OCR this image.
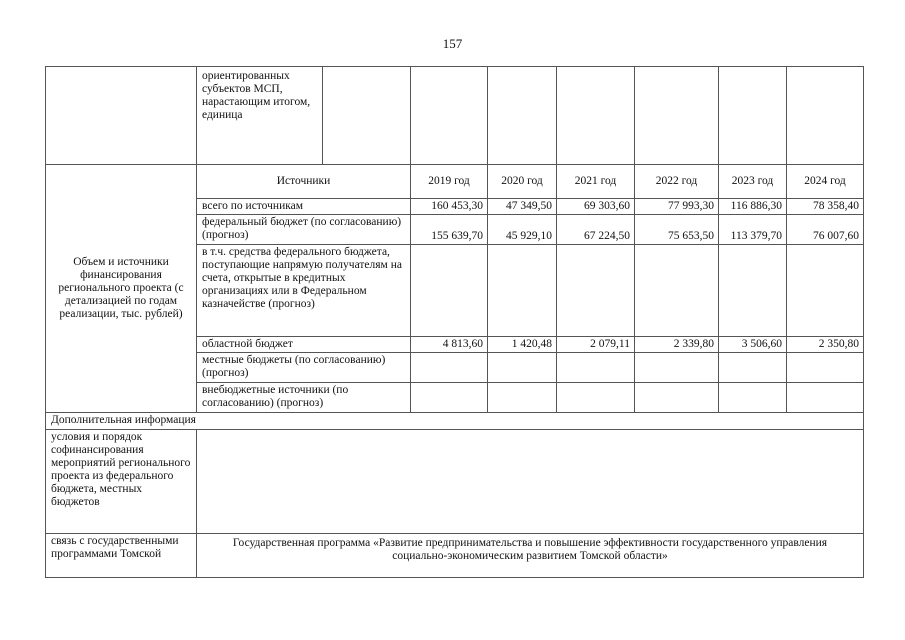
157
	ориентированных субъектов МСП, нарастающим итогом, единица							
Объем и источники финансирования регионального проекта (с детализацией по годам реализации, тыс. рублей)	Источники		2019 год	2020 год	2021 год	2022 год	2023 год	2024 год
	всего по источникам		160 453,30	47 349,50	69 303,60	77 993,30	116 886,30	78 358,40
	федеральный бюджет (по согласованию) (прогноз)		155 639,70	45 929,10	67 224,50	75 653,50	113 379,70	76 007,60
	в т.ч. средства федерального бюджета, поступающие напрямую получателям на счета, открытые в кредитных организациях или в Федеральном казначействе (прогноз)							
	областной бюджет		4 813,60	1 420,48	2 079,11	2 339,80	3 506,60	2 350,80
	местные бюджеты (по согласованию) (прогноз)							
	внебюджетные источники (по согласованию) (прогноз)							
Дополнительная информация								
условия и порядок софинансирования мероприятий регионального проекта из федерального бюджета, местных бюджетов								
связь с государственными программами Томской	Государственная программа «Развитие предпринимательства и повышение эффективности государственного управления социально-экономическим развитием Томской области»							
